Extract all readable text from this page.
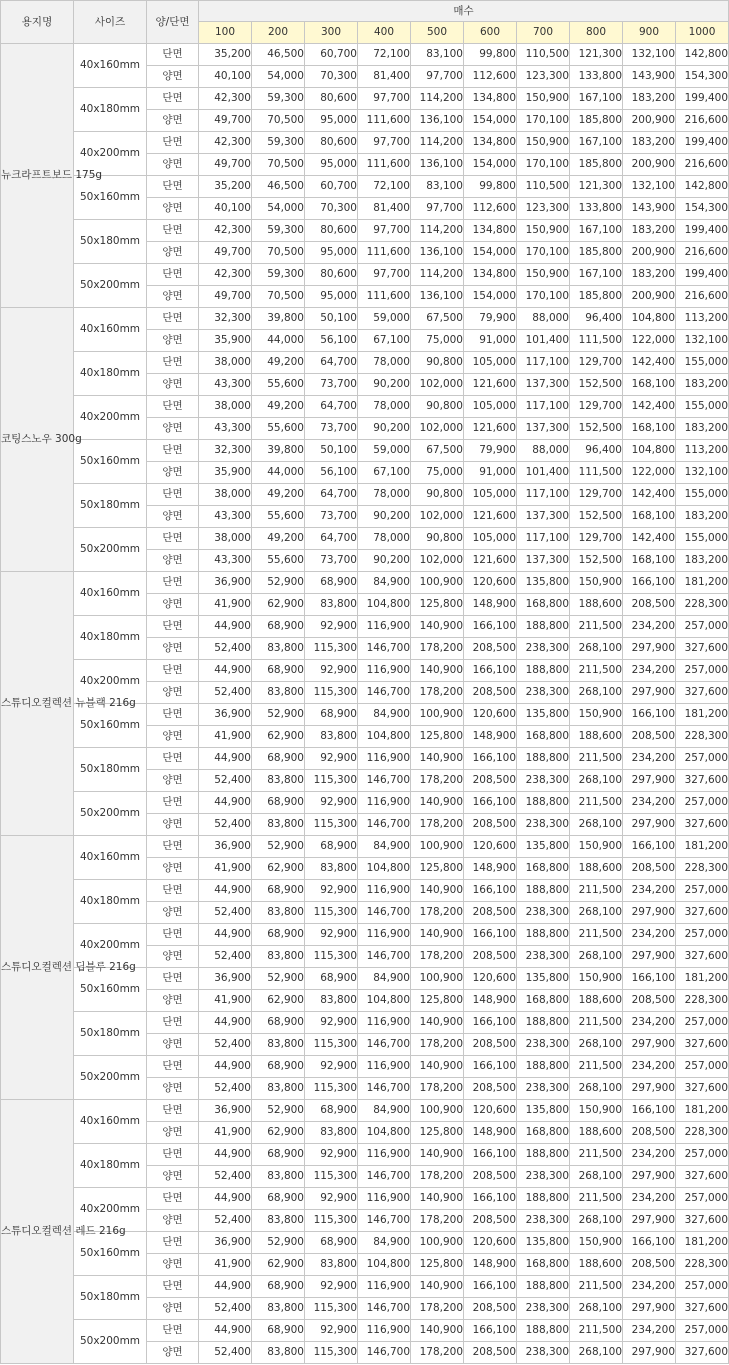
용지명	사이즈	양/단면	매수									
			100	200	300	400	500	600	700	800	900	1000
뉴크라프트보드 175g	40x160mm	단면	35,200	46,500	60,700	72,100	83,100	99,800	110,500	121,300	132,100	142,800
		양면	40,100	54,000	70,300	81,400	97,700	112,600	123,300	133,800	143,900	154,300
	40x180mm	단면	42,300	59,300	80,600	97,700	114,200	134,800	150,900	167,100	183,200	199,400
		양면	49,700	70,500	95,000	111,600	136,100	154,000	170,100	185,800	200,900	216,600
	40x200mm	단면	42,300	59,300	80,600	97,700	114,200	134,800	150,900	167,100	183,200	199,400
		양면	49,700	70,500	95,000	111,600	136,100	154,000	170,100	185,800	200,900	216,600
	50x160mm	단면	35,200	46,500	60,700	72,100	83,100	99,800	110,500	121,300	132,100	142,800
		양면	40,100	54,000	70,300	81,400	97,700	112,600	123,300	133,800	143,900	154,300
	50x180mm	단면	42,300	59,300	80,600	97,700	114,200	134,800	150,900	167,100	183,200	199,400
		양면	49,700	70,500	95,000	111,600	136,100	154,000	170,100	185,800	200,900	216,600
	50x200mm	단면	42,300	59,300	80,600	97,700	114,200	134,800	150,900	167,100	183,200	199,400
		양면	49,700	70,500	95,000	111,600	136,100	154,000	170,100	185,800	200,900	216,600
코팅스노우 300g	40x160mm	단면	32,300	39,800	50,100	59,000	67,500	79,900	88,000	96,400	104,800	113,200
		양면	35,900	44,000	56,100	67,100	75,000	91,000	101,400	111,500	122,000	132,100
	40x180mm	단면	38,000	49,200	64,700	78,000	90,800	105,000	117,100	129,700	142,400	155,000
		양면	43,300	55,600	73,700	90,200	102,000	121,600	137,300	152,500	168,100	183,200
	40x200mm	단면	38,000	49,200	64,700	78,000	90,800	105,000	117,100	129,700	142,400	155,000
		양면	43,300	55,600	73,700	90,200	102,000	121,600	137,300	152,500	168,100	183,200
	50x160mm	단면	32,300	39,800	50,100	59,000	67,500	79,900	88,000	96,400	104,800	113,200
		양면	35,900	44,000	56,100	67,100	75,000	91,000	101,400	111,500	122,000	132,100
	50x180mm	단면	38,000	49,200	64,700	78,000	90,800	105,000	117,100	129,700	142,400	155,000
		양면	43,300	55,600	73,700	90,200	102,000	121,600	137,300	152,500	168,100	183,200
	50x200mm	단면	38,000	49,200	64,700	78,000	90,800	105,000	117,100	129,700	142,400	155,000
		양면	43,300	55,600	73,700	90,200	102,000	121,600	137,300	152,500	168,100	183,200
스튜디오컬렉션 뉴블랙 216g	40x160mm	단면	36,900	52,900	68,900	84,900	100,900	120,600	135,800	150,900	166,100	181,200
		양면	41,900	62,900	83,800	104,800	125,800	148,900	168,800	188,600	208,500	228,300
	40x180mm	단면	44,900	68,900	92,900	116,900	140,900	166,100	188,800	211,500	234,200	257,000
		양면	52,400	83,800	115,300	146,700	178,200	208,500	238,300	268,100	297,900	327,600
	40x200mm	단면	44,900	68,900	92,900	116,900	140,900	166,100	188,800	211,500	234,200	257,000
		양면	52,400	83,800	115,300	146,700	178,200	208,500	238,300	268,100	297,900	327,600
	50x160mm	단면	36,900	52,900	68,900	84,900	100,900	120,600	135,800	150,900	166,100	181,200
		양면	41,900	62,900	83,800	104,800	125,800	148,900	168,800	188,600	208,500	228,300
	50x180mm	단면	44,900	68,900	92,900	116,900	140,900	166,100	188,800	211,500	234,200	257,000
		양면	52,400	83,800	115,300	146,700	178,200	208,500	238,300	268,100	297,900	327,600
	50x200mm	단면	44,900	68,900	92,900	116,900	140,900	166,100	188,800	211,500	234,200	257,000
		양면	52,400	83,800	115,300	146,700	178,200	208,500	238,300	268,100	297,900	327,600
스튜디오컬렉션 딥블루 216g	40x160mm	단면	36,900	52,900	68,900	84,900	100,900	120,600	135,800	150,900	166,100	181,200
		양면	41,900	62,900	83,800	104,800	125,800	148,900	168,800	188,600	208,500	228,300
	40x180mm	단면	44,900	68,900	92,900	116,900	140,900	166,100	188,800	211,500	234,200	257,000
		양면	52,400	83,800	115,300	146,700	178,200	208,500	238,300	268,100	297,900	327,600
	40x200mm	단면	44,900	68,900	92,900	116,900	140,900	166,100	188,800	211,500	234,200	257,000
		양면	52,400	83,800	115,300	146,700	178,200	208,500	238,300	268,100	297,900	327,600
	50x160mm	단면	36,900	52,900	68,900	84,900	100,900	120,600	135,800	150,900	166,100	181,200
		양면	41,900	62,900	83,800	104,800	125,800	148,900	168,800	188,600	208,500	228,300
	50x180mm	단면	44,900	68,900	92,900	116,900	140,900	166,100	188,800	211,500	234,200	257,000
		양면	52,400	83,800	115,300	146,700	178,200	208,500	238,300	268,100	297,900	327,600
	50x200mm	단면	44,900	68,900	92,900	116,900	140,900	166,100	188,800	211,500	234,200	257,000
		양면	52,400	83,800	115,300	146,700	178,200	208,500	238,300	268,100	297,900	327,600
스튜디오컬렉션 레드 216g	40x160mm	단면	36,900	52,900	68,900	84,900	100,900	120,600	135,800	150,900	166,100	181,200
		양면	41,900	62,900	83,800	104,800	125,800	148,900	168,800	188,600	208,500	228,300
	40x180mm	단면	44,900	68,900	92,900	116,900	140,900	166,100	188,800	211,500	234,200	257,000
		양면	52,400	83,800	115,300	146,700	178,200	208,500	238,300	268,100	297,900	327,600
	40x200mm	단면	44,900	68,900	92,900	116,900	140,900	166,100	188,800	211,500	234,200	257,000
		양면	52,400	83,800	115,300	146,700	178,200	208,500	238,300	268,100	297,900	327,600
	50x160mm	단면	36,900	52,900	68,900	84,900	100,900	120,600	135,800	150,900	166,100	181,200
		양면	41,900	62,900	83,800	104,800	125,800	148,900	168,800	188,600	208,500	228,300
	50x180mm	단면	44,900	68,900	92,900	116,900	140,900	166,100	188,800	211,500	234,200	257,000
		양면	52,400	83,800	115,300	146,700	178,200	208,500	238,300	268,100	297,900	327,600
	50x200mm	단면	44,900	68,900	92,900	116,900	140,900	166,100	188,800	211,500	234,200	257,000
		양면	52,400	83,800	115,300	146,700	178,200	208,500	238,300	268,100	297,900	327,600
